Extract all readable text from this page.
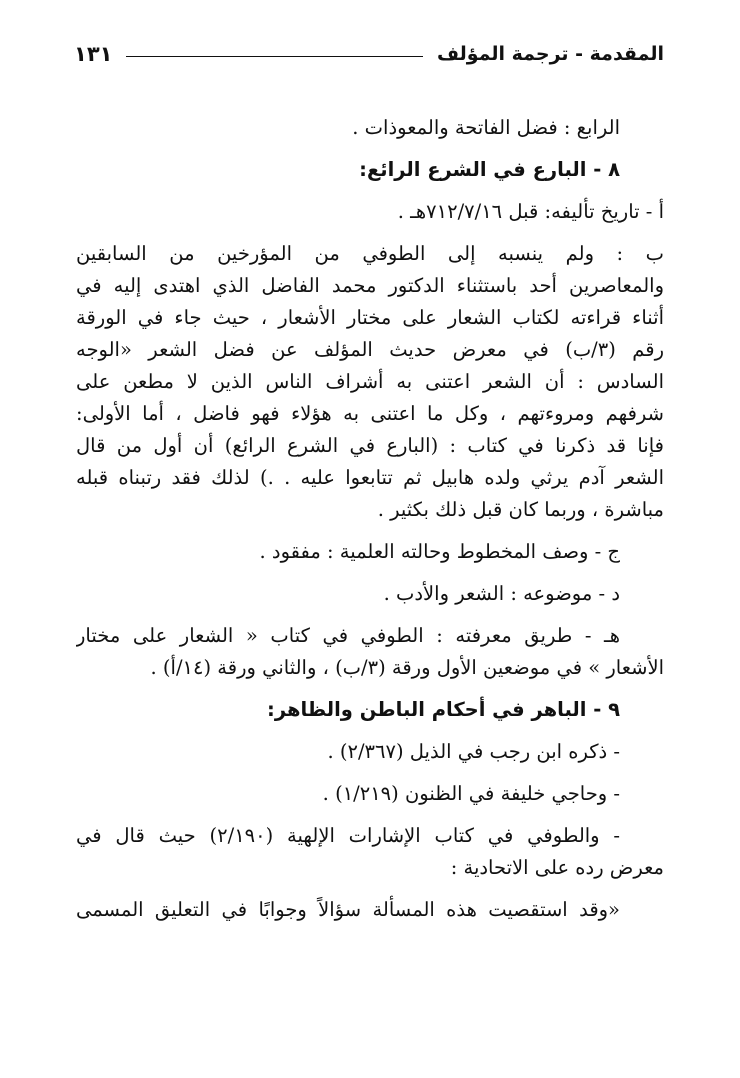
المقدمة - ترجمة المؤلف
١٣١

الرابع : فضل الفاتحة والمعوذات .

٨ - البارع في الشرع الرائع:

أ - تاريخ تأليفه: قبل ٧١٢/٧/١٦هـ .

ب : ولم ينسبه إلى الطوفي من المؤرخين من السابقين

والمعاصرين أحد باستثناء الدكتور محمد الفاضل الذي اهتدى إليه في

أثناء قراءته لكتاب الشعار على مختار الأشعار ، حيث جاء في الورقة

رقم (٣/ب) في معرض حديث المؤلف عن فضل الشعر «الوجه

السادس : أن الشعر اعتنى به أشراف الناس الذين لا مطعن على

شرفهم ومروءتهم ، وكل ما اعتنى به هؤلاء فهو فاضل ، أما الأولى:

فإنا قد ذكرنا في كتاب : (البارع في الشرع الرائع) أن أول من قال

الشعر آدم يرثي ولده هابيل ثم تتابعوا عليه . .) لذلك فقد رتبناه قبله

مباشرة ، وربما كان قبل ذلك بكثير .

ج - وصف المخطوط وحالته العلمية : مفقود .

د - موضوعه : الشعر والأدب .

هـ - طريق معرفته : الطوفي في كتاب « الشعار على مختار

الأشعار » في موضعين الأول ورقة (٣/ب) ، والثاني ورقة (١٤/أ) .

٩ - الباهر في أحكام الباطن والظاهر:

- ذكره ابن رجب في الذيل (٢/٣٦٧) .

- وحاجي خليفة في الظنون (١/٢١٩) .

- والطوفي في كتاب الإشارات الإلهية (٢/١٩٠) حيث قال في

معرض رده على الاتحادية :

«وقد استقصيت هذه المسألة سؤالاً وجوابًا في التعليق المسمى
